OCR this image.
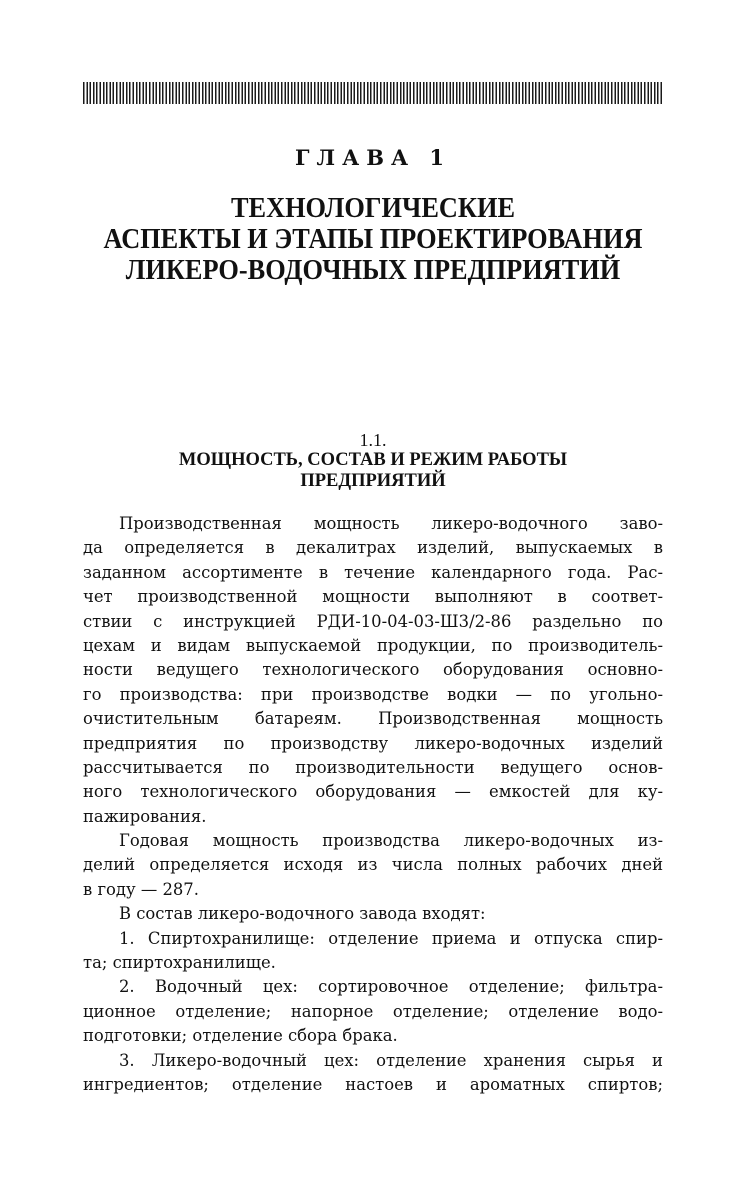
ГЛАВА 1
ТЕХНОЛОГИЧЕСКИЕ
АСПЕКТЫ И ЭТАПЫ ПРОЕКТИРОВАНИЯ
ЛИКЕРО-ВОДОЧНЫХ ПРЕДПРИЯТИЙ
1.1.
МОЩНОСТЬ, СОСТАВ И РЕЖИМ РАБОТЫ
ПРЕДПРИЯТИЙ
Производственная мощность ликеро-водочного заво-
да определяется в декалитрах изделий, выпускаемых в
заданном ассортименте в течение календарного года. Рас-
чет производственной мощности выполняют в соответ-
ствии с инструкцией РДИ-10-04-03-Ш3/2-86 раздельно по
цехам и видам выпускаемой продукции, по производитель-
ности ведущего технологического оборудования основно-
го производства: при производстве водки — по угольно-
очистительным батареям. Производственная мощность
предприятия по производству ликеро-водочных изделий
рассчитывается по производительности ведущего основ-
ного технологического оборудования — емкостей для ку-
пажирования.
Годовая мощность производства ликеро-водочных из-
делий определяется исходя из числа полных рабочих дней
в году — 287.
В состав ликеро-водочного завода входят:
1. Спиртохранилище: отделение приема и отпуска спир-
та; спиртохранилище.
2. Водочный цех: сортировочное отделение; фильтра-
ционное отделение; напорное отделение; отделение водо-
подготовки; отделение сбора брака.
3. Ликеро-водочный цех: отделение хранения сырья и
ингредиентов; отделение настоев и ароматных спиртов;
